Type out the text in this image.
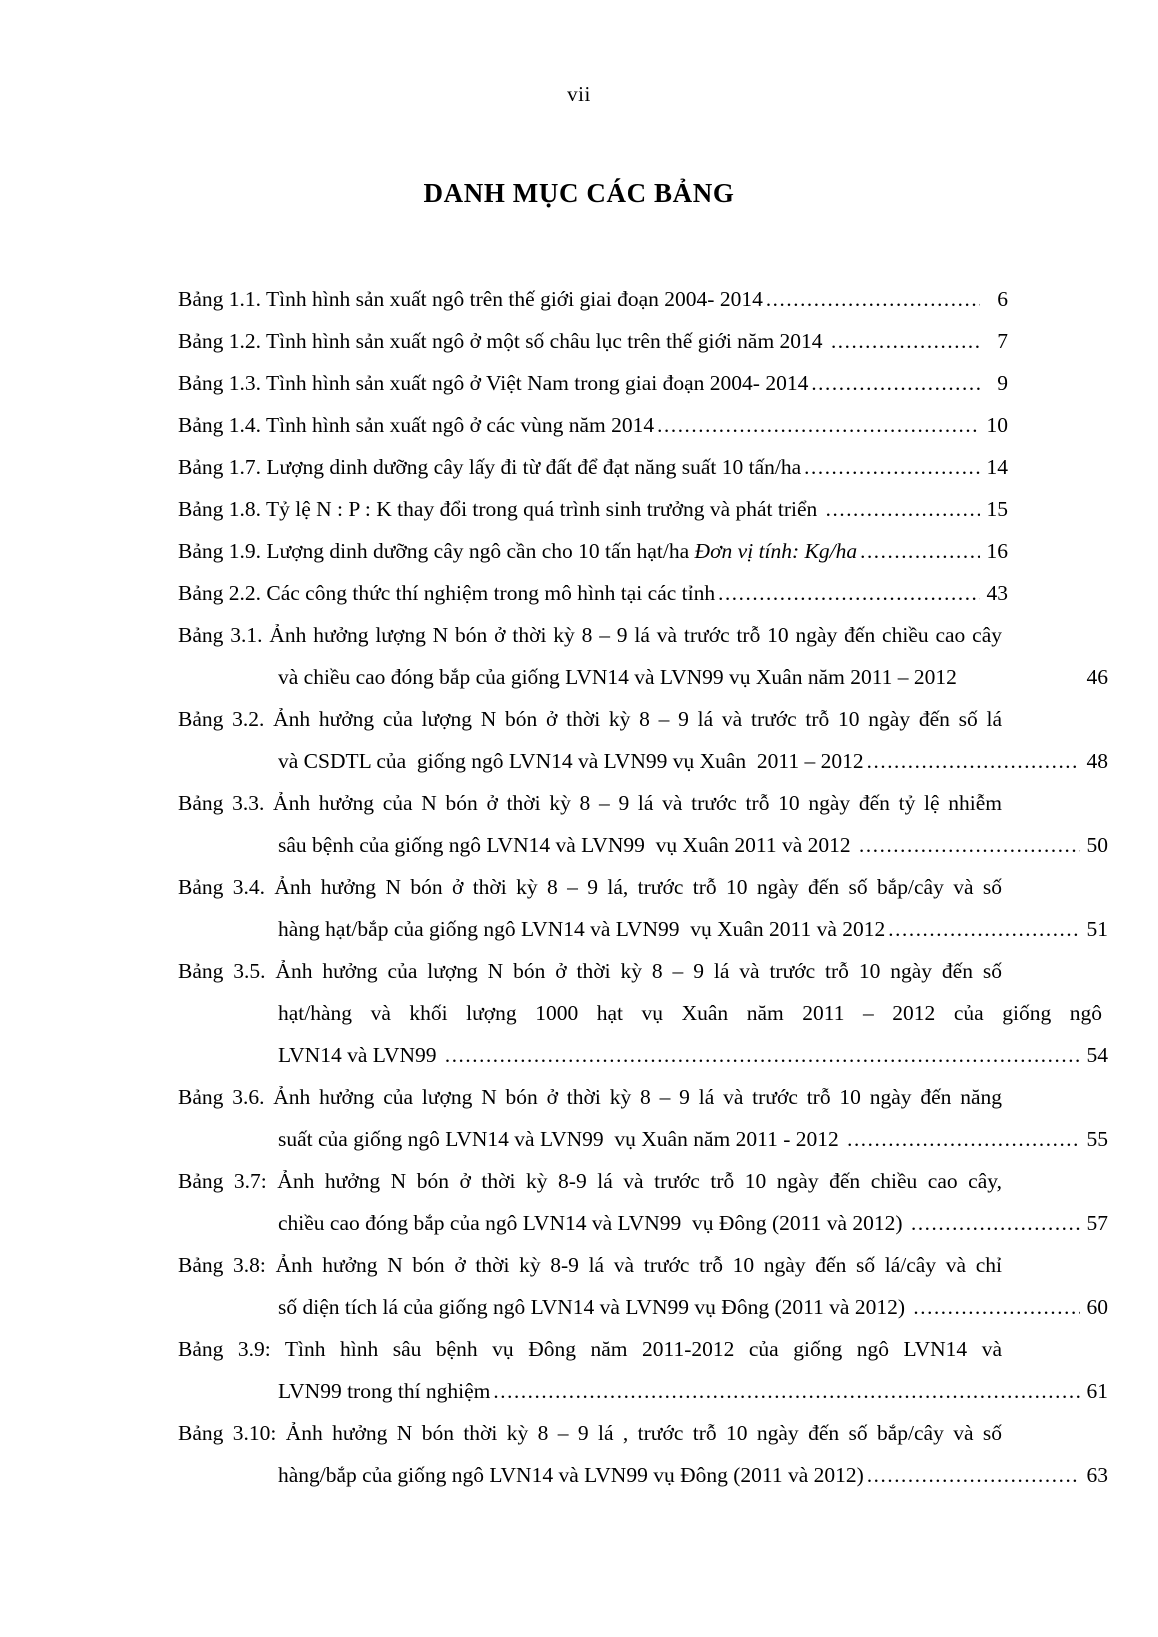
vii
DANH MỤC CÁC BẢNG
Bảng 1.1. Tình hình sản xuất ngô trên thế giới giai đoạn 2004- 2014 .....	6
Bảng 1.2. Tình hình sản xuất ngô ở một số châu lục trên thế giới năm 2014 .....	7
Bảng 1.3. Tình hình sản xuất ngô ở Việt Nam trong giai đoạn 2004- 2014 .....	9
Bảng 1.4. Tình hình sản xuất ngô ở các vùng năm 2014 .....	10
Bảng 1.7. Lượng dinh dưỡng cây lấy đi từ đất để đạt năng suất 10 tấn/ha .....	14
Bảng 1.8. Tỷ lệ N : P : K thay đổi trong quá trình sinh trưởng và phát triển .....	15
Bảng 1.9. Lượng dinh dưỡng cây ngô cần cho 10 tấn hạt/ha Đơn vị tính: Kg/ha .....	16
Bảng 2.2. Các công thức thí nghiệm trong mô hình tại các tỉnh .....	43
Bảng 3.1. Ảnh hưởng lượng N bón ở thời kỳ 8 – 9 lá và trước trỗ 10 ngày đến chiều cao cây
và chiều cao đóng bắp của giống LVN14 và LVN99 vụ Xuân năm 2011 – 2012	46
Bảng 3.2. Ảnh hưởng của lượng N bón ở thời kỳ 8 – 9 lá và trước trỗ 10 ngày đến số lá
và CSDTL của  giống ngô LVN14 và LVN99 vụ Xuân  2011 – 2012 .....	48
Bảng 3.3. Ảnh hưởng của N bón ở thời kỳ 8 – 9 lá và trước trỗ 10 ngày đến tỷ lệ nhiễm
sâu bệnh của giống ngô LVN14 và LVN99  vụ Xuân 2011 và 2012 .....	50
Bảng 3.4. Ảnh hưởng N bón ở thời kỳ 8 – 9 lá, trước trỗ 10 ngày đến số bắp/cây và số
hàng hạt/bắp của giống ngô LVN14 và LVN99  vụ Xuân 2011 và 2012 .....	51
Bảng 3.5. Ảnh hưởng của lượng N bón ở thời kỳ 8 – 9 lá và trước trỗ 10 ngày đến số
hạt/hàng và khối lượng 1000 hạt vụ Xuân năm 2011 – 2012 của giống ngô
LVN14 và LVN99 .....	54
Bảng 3.6. Ảnh hưởng của lượng N bón ở thời kỳ 8 – 9 lá và trước trỗ 10 ngày đến năng
suất của giống ngô LVN14 và LVN99  vụ Xuân năm 2011 - 2012 .....	55
Bảng 3.7: Ảnh hưởng N bón ở thời kỳ 8-9 lá và trước trỗ 10 ngày đến chiều cao cây,
chiều cao đóng bắp của ngô LVN14 và LVN99  vụ Đông (2011 và 2012) .....	57
Bảng 3.8: Ảnh hưởng N bón ở thời kỳ 8-9 lá và trước trỗ 10 ngày đến số lá/cây và chỉ
số diện tích lá của giống ngô LVN14 và LVN99 vụ Đông (2011 và 2012) .....	60
Bảng 3.9: Tình hình sâu bệnh vụ Đông năm 2011-2012 của giống ngô LVN14 và
LVN99 trong thí nghiệm .....	61
Bảng 3.10: Ảnh hưởng N bón thời kỳ 8 – 9 lá , trước trỗ 10 ngày đến số bắp/cây và số
hàng/bắp của giống ngô LVN14 và LVN99 vụ Đông (2011 và 2012) .....	63
